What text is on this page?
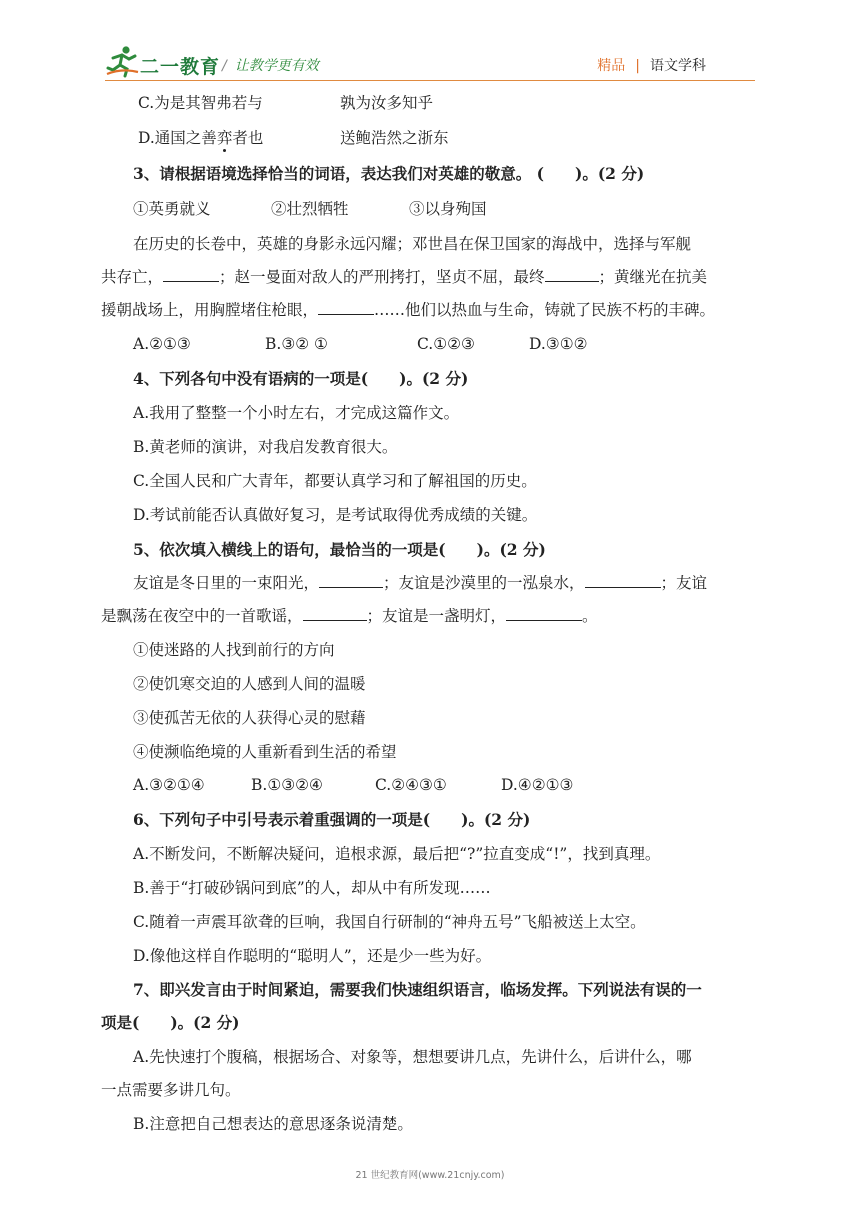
二一教育 / 让教学更有效	精品 | 语文学科
C.为是其智弗若与	孰为汝多知乎
D.通国之善弈者也	送鲍浩然之浙东
3、请根据语境选择恰当的词语，表达我们对英雄的敬意。 (　　)。(2 分)
①英勇就义	②壮烈牺牲	③以身殉国
在历史的长卷中，英雄的身影永远闪耀；邓世昌在保卫国家的海战中，选择与军舰
共存亡，	；赵一曼面对敌人的严刑拷打，坚贞不屈，最终	；黄继光在抗美
援朝战场上，用胸膛堵住枪眼，	……他们以热血与生命，铸就了民族不朽的丰碑。
A.②①③	B.③② ①	C.①②③	D.③①②
4、下列各句中没有语病的一项是(　　)。(2 分)
A.我用了整整一个小时左右，才完成这篇作文。
B.黄老师的演讲，对我启发教育很大。
C.全国人民和广大青年，都要认真学习和了解祖国的历史。
D.考试前能否认真做好复习，是考试取得优秀成绩的关键。
5、依次填入横线上的语句，最恰当的一项是(　　)。(2 分)
友谊是冬日里的一束阳光，	；友谊是沙漠里的一泓泉水，	；友谊
是飘荡在夜空中的一首歌谣，	；友谊是一盏明灯，	。
①使迷路的人找到前行的方向
②使饥寒交迫的人感到人间的温暖
③使孤苦无依的人获得心灵的慰藉
④使濒临绝境的人重新看到生活的希望
A.③②①④	B.①③②④	C.②④③①	D.④②①③
6、下列句子中引号表示着重强调的一项是(　　)。(2 分)
A.不断发问，不断解决疑问，追根求源，最后把“?”拉直变成“!”，找到真理。
B.善于“打破砂锅问到底”的人，却从中有所发现……
C.随着一声震耳欲聋的巨响，我国自行研制的“神舟五号”飞船被送上太空。
D.像他这样自作聪明的“聪明人”，还是少一些为好。
7、即兴发言由于时间紧迫，需要我们快速组织语言，临场发挥。下列说法有误的一
项是(　　)。(2 分)
A.先快速打个腹稿，根据场合、对象等，想想要讲几点，先讲什么，后讲什么，哪
一点需要多讲几句。
B.注意把自己想表达的意思逐条说清楚。
21 世纪教育网(www.21cnjy.com)
